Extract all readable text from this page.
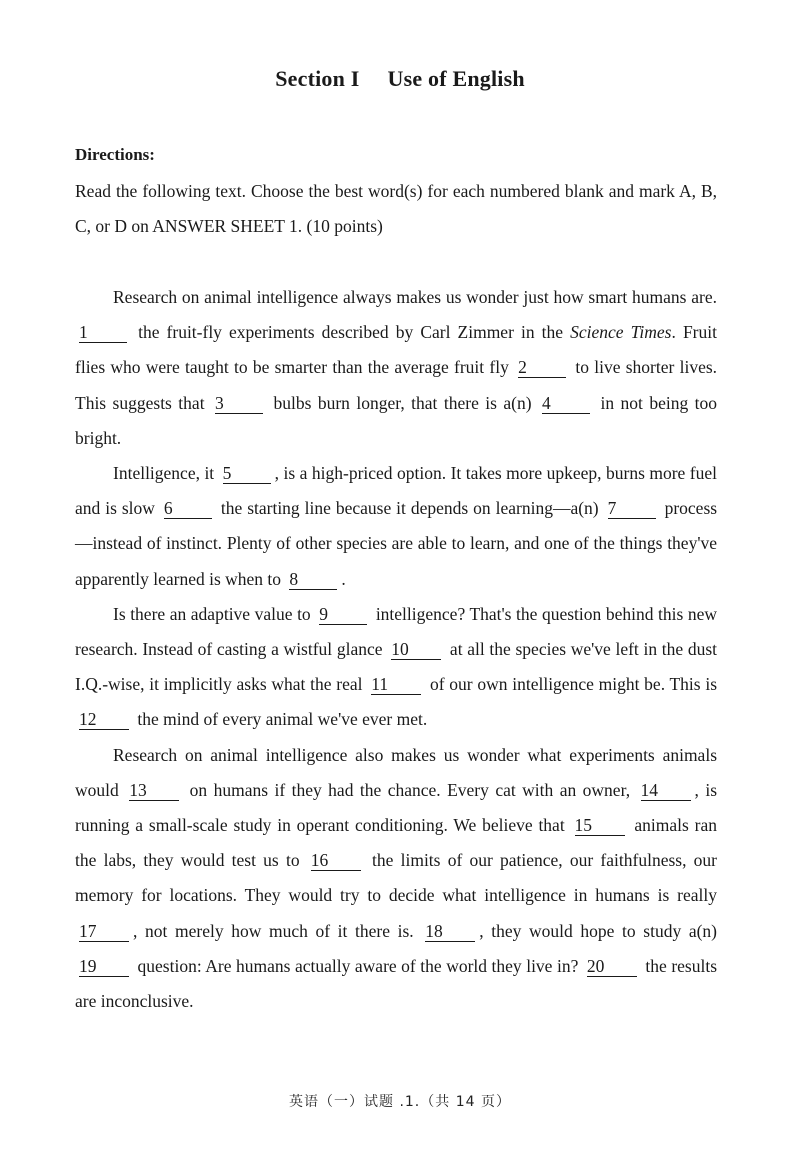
Section I Use of English
Directions:
Read the following text. Choose the best word(s) for each numbered blank and mark A, B, C, or D on ANSWER SHEET 1. (10 points)

Research on animal intelligence always makes us wonder just how smart humans are. 1	the fruit-fly experiments described by Carl Zimmer in the Science Times. Fruit flies who were taught to be smarter than the average fruit fly 2	to live shorter lives. This suggests that 3	bulbs burn longer, that there is a(n) 4	in not being too bright.

Intelligence, it 5 , is a high-priced option. It takes more upkeep, burns more fuel and is slow 6	the starting line because it depends on learning—a(n) 7	process—instead of instinct. Plenty of other species are able to learn, and one of the things they've apparently learned is when to 8 .

Is there an adaptive value to 9	intelligence? That's the question behind this new research. Instead of casting a wistful glance 10 at all the species we've left in the dust I.Q.-wise, it implicitly asks what the real 11 of our own intelligence might be. This is 12 the mind of every animal we've ever met.

Research on animal intelligence also makes us wonder what experiments animals would 13 on humans if they had the chance. Every cat with an owner, 14 , is running a small-scale study in operant conditioning. We believe that 15 animals ran the labs, they would test us to 16 the limits of our patience, our faithfulness, our memory for locations. They would try to decide what intelligence in humans is really 17 , not merely how much of it there is. 18 , they would hope to study a(n) 19 question: Are humans actually aware of the world they live in? 20 the results are inconclusive.

英语（一）试题 .1.（共 14 页）
